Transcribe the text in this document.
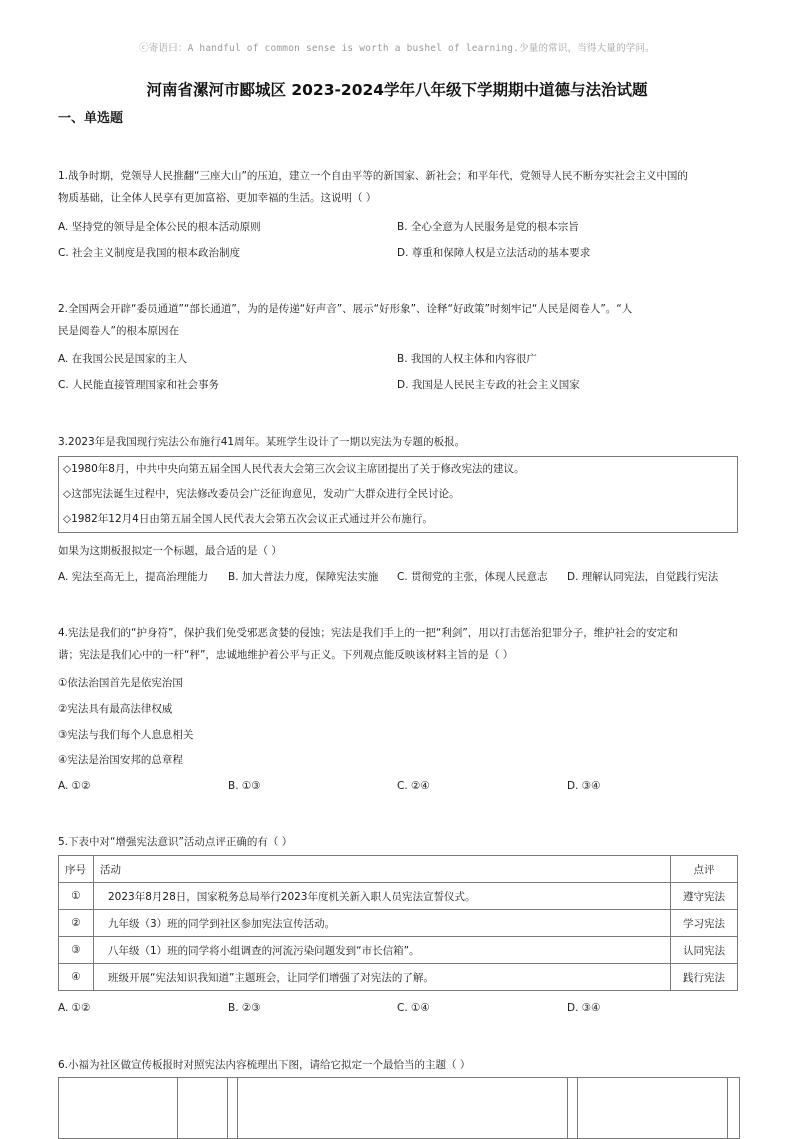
ⓒ寄语曰：A handful of common sense is worth a bushel of learning.少量的常识，当得大量的学问。
河南省漯河市郾城区 2023-2024学年八年级下学期期中道德与法治试题
一、单选题
1.战争时期，党领导人民推翻“三座大山”的压迫，建立一个自由平等的新国家、新社会；和平年代，党领导人民不断夯实社会主义中国的
物质基础，让全体人民享有更加富裕、更加幸福的生活。这说明（ ）
A. 坚持党的领导是全体公民的根本活动原则	B. 全心全意为人民服务是党的根本宗旨
C. 社会主义制度是我国的根本政治制度	D. 尊重和保障人权是立法活动的基本要求
2.全国两会开辟“委员通道”“部长通道”，为的是传递“好声音”、展示“好形象”、诠释“好政策”时刻牢记“人民是阅卷人”。“人
民是阅卷人”的根本原因在
A. 在我国公民是国家的主人	B. 我国的人权主体和内容很广
C. 人民能直接管理国家和社会事务	D. 我国是人民民主专政的社会主义国家
3.2023年是我国现行宪法公布施行41周年。某班学生设计了一期以宪法为专题的板报。
◇1980年8月，中共中央向第五届全国人民代表大会第三次会议主席团提出了关于修改宪法的建议。
◇这部宪法诞生过程中，宪法修改委员会广泛征询意见，发动广大群众进行全民讨论。
◇1982年12月4日由第五届全国人民代表大会第五次会议正式通过并公布施行。
如果为这期板报拟定一个标题，最合适的是（ ）
A. 宪法至高无上，提高治理能力 B. 加大普法力度，保障宪法实施 C. 贯彻党的主张，体现人民意志 D. 理解认同宪法，自觉践行宪法
4.宪法是我们的“护身符”，保护我们免受邪恶贪婪的侵蚀；宪法是我们手上的一把“利剑”，用以打击惩治犯罪分子，维护社会的安定和
谐；宪法是我们心中的一杆“秤”，忠诚地维护着公平与正义。下列观点能反映该材料主旨的是（ ）
①依法治国首先是依宪治国
②宪法具有最高法律权威
③宪法与我们每个人息息相关
④宪法是治国安邦的总章程
A. ①②	B. ①③	C. ②④	D. ③④
5.下表中对“增强宪法意识”活动点评正确的有（ ）
序号	活动	点评
①	2023年8月28日，国家税务总局举行2023年度机关新入职人员宪法宣誓仪式。	遵守宪法
②	九年级（3）班的同学到社区参加宪法宣传活动。	学习宪法
③	八年级（1）班的同学将小组调查的河流污染问题发到“市长信箱”。	认同宪法
④	班级开展“宪法知识我知道”主题班会，让同学们增强了对宪法的了解。	践行宪法
A. ①②	B. ②③	C. ①④	D. ③④
6.小福为社区做宣传板报时对照宪法内容梳理出下图，请给它拟定一个最恰当的主题（ ）
